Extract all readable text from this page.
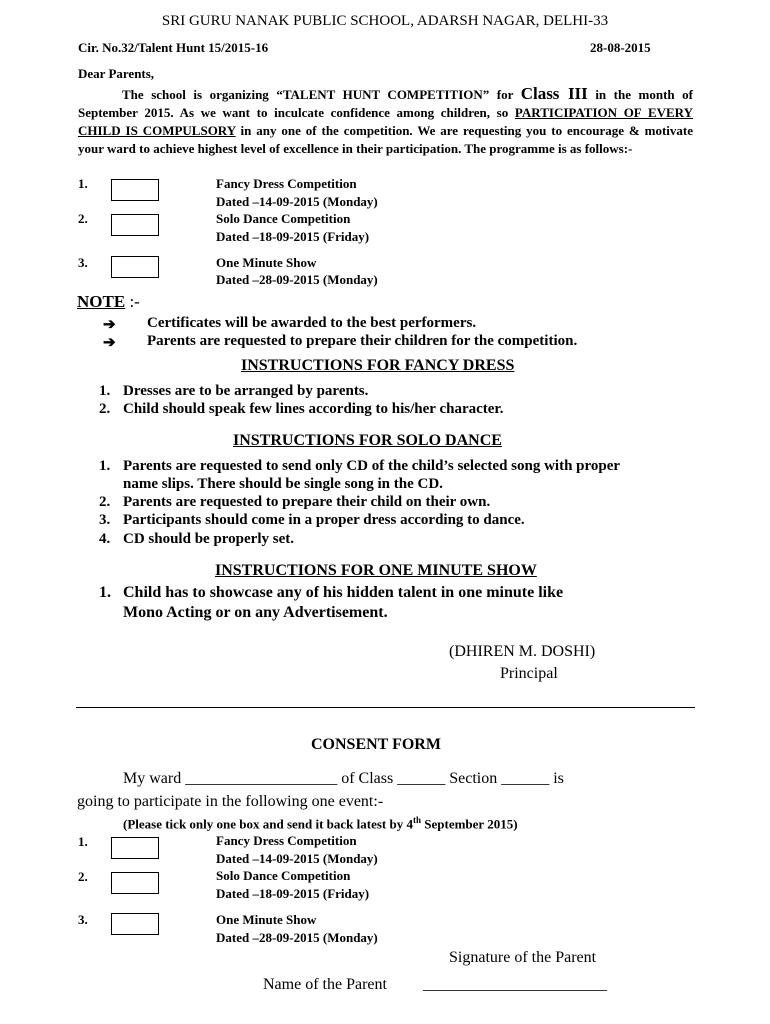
SRI GURU NANAK PUBLIC SCHOOL, ADARSH NAGAR, DELHI-33
Cir. No.32/Talent Hunt 15/2015-16	28-08-2015
Dear Parents,
The school is organizing “TALENT HUNT COMPETITION” for Class III in the month of September 2015. As we want to inculcate confidence among children, so PARTICIPATION OF EVERY CHILD IS COMPULSORY in any one of the competition. We are requesting you to encourage & motivate your ward to achieve highest level of excellence in their participation. The programme is as follows:-
1.	Fancy Dress Competition
Dated –14-09-2015 (Monday)
2.	Solo Dance Competition
Dated –18-09-2015 (Friday)
3.	One Minute Show
Dated –28-09-2015 (Monday)
NOTE :-
➔ Certificates will be awarded to the best performers.
➔ Parents are requested to prepare their children for the competition.
INSTRUCTIONS FOR FANCY DRESS
1. Dresses are to be arranged by parents.
2. Child should speak few lines according to his/her character.
INSTRUCTIONS FOR SOLO DANCE
1. Parents are requested to send only CD of the child’s selected song with proper
name slips. There should be single song in the CD.
2. Parents are requested to prepare their child on their own.
3. Participants should come in a proper dress according to dance.
4. CD should be properly set.
INSTRUCTIONS FOR ONE MINUTE SHOW
1. Child has to showcase any of his hidden talent in one minute like
Mono Acting or on any Advertisement.
(DHIREN M. DOSHI)
Principal
CONSENT FORM
My ward ___________________ of Class ______ Section ______ is
going to participate in the following one event:-
(Please tick only one box and send it back latest by 4th September 2015)
1.	Fancy Dress Competition
Dated –14-09-2015 (Monday)
2.	Solo Dance Competition
Dated –18-09-2015 (Friday)
3.	One Minute Show
Dated –28-09-2015 (Monday)
Signature of the Parent
Name of the Parent _______________________
